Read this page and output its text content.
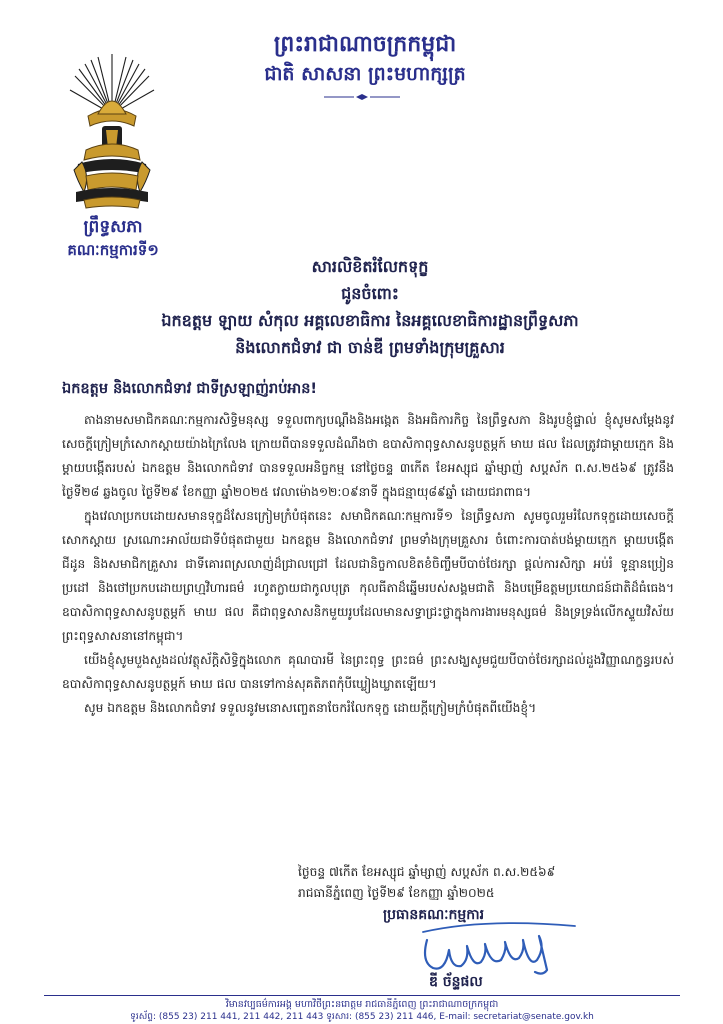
ព្រះរាជាណាចក្រកម្ពុជា
ជាតិ សាសនា ព្រះមហាក្សត្រ
ព្រឹទ្ធសភា
គណៈកម្មការទី១
សារលិខិតរំលែកទុក្ខ
ជូនចំពោះ
ឯកឧត្ដម ឡាយ សំកុល អគ្គលេខាធិការ នៃអគ្គលេខាធិការដ្ឋានព្រឹទ្ធសភា
និងលោកជំទាវ ជា ចាន់ឌី ព្រមទាំងក្រុមគ្រួសារ
ឯកឧត្ដម និងលោកជំទាវ ជាទីស្រឡាញ់រាប់អាន!

តាងនាមសមាជិកគណៈកម្មការសិទ្ធិមនុស្ស ទទួលពាក្យបណ្ដឹងនិងអង្កេត និងអធិការកិច្ច នៃព្រឹទ្ធសភា និងរូបខ្ញុំផ្ទាល់ ខ្ញុំសូមសម្ដែងនូវសេចក្ដីក្រៀមក្រំសោកស្ដាយយ៉ាងក្រៃលែង ក្រោយពីបានទទួលដំណឹងថា ឧបាសិកាពុទ្ធសាសនូបត្ថម្ភក៍ មាឃ ផល ដែលត្រូវជាម្ដាយក្មេក និងម្ដាយបង្កើតរបស់ ឯកឧត្ដម និងលោកជំទាវ បានទទួលអនិច្ចកម្ម នៅថ្ងៃចន្ទ ៣កើត ខែអស្សុជ ឆ្នាំម្សាញ់ សប្ដស័ក ព.ស.២៥៦៩ ត្រូវនឹងថ្ងៃទី២៨ ឆ្លងចូល ថ្ងៃទី២៩ ខែកញ្ញា ឆ្នាំ២០២៥ វេលាម៉ោង១២:០៩នាទី ក្នុងជន្មាយុ៨៩ឆ្នាំ ដោយជរាពាធ។

ក្នុងវេលាប្រកបដោយសមានទុក្ខដ៏សែនក្រៀមក្រំបំផុតនេះ សមាជិកគណៈកម្មការទី១ នៃព្រឹទ្ធសភា សូមចូលរួមរំលែកទុក្ខដោយសេចក្ដីសោកស្ដាយ ស្រណោះអាល័យជាទីបំផុតជាមួយ ឯកឧត្ដម និងលោកជំទាវ ព្រមទាំងក្រុមគ្រួសារ ចំពោះការបាត់បង់ម្ដាយក្មេក ម្ដាយបង្កើត ជីដូន និងសមាជិកគ្រួសារ ជាទីគោរពស្រលាញ់ដ៏ជ្រាលជ្រៅ ដែលជានិច្ចកាលខិតខំចិញ្ចឹមបីបាច់ថែរក្សា ផ្ដល់ការសិក្សា អប់រំ ទូន្មានប្រៀនប្រដៅ និងថៅប្រកបដោយព្រហ្មវិហារធម៌ រហូតក្លាយជាកូលបុត្រ កុលធីតាដ៏ឆ្នើមរបស់សង្គមជាតិ និងបម្រើឧត្ដមប្រយោជន៍ជាតិដ៏ធំធេង។ ឧបាសិកាពុទ្ធសាសនូបត្ថម្ភក៍ មាឃ ផល គឺជាពុទ្ធសាសនិកមួយរូបដែលមានសទ្ធាជ្រះថ្លាក្នុងការងារមនុស្សធម៌ និងទ្រទ្រង់លើកស្ទួយវិស័យព្រះពុទ្ធសាសនានៅកម្ពុជា។

យើងខ្ញុំសូមបួងសួងដល់វត្ថុស័ក្ដិសិទ្ធិក្នុងលោក គុណបារមី នៃព្រះពុទ្ធ ព្រះធម៌ ព្រះសង្ឃសូមជួយបីបាច់ថែរក្សាដល់ដួងវិញ្ញាណក្ខន្ធរបស់ ឧបាសិកាពុទ្ធសាសនូបត្ថម្ភក៍ មាឃ ផល បានទៅកាន់សុគតិភពកុំបីឃ្លៀងឃ្លាតឡើយ។

សូម ឯកឧត្ដម និងលោកជំទាវ ទទួលនូវមនោសញ្ចេតនាចែករំលែកទុក្ខ ដោយក្ដីក្រៀមក្រំបំផុតពីយើងខ្ញុំ។

ថ្ងៃចន្ទ ៧កើត ខែអស្សុជ ឆ្នាំម្សាញ់ សប្ដស័ក ព.ស.២៥៦៩
រាជធានីភ្នំពេញ ថ្ងៃទី២៩ ខែកញ្ញា ឆ្នាំ២០២៥
ប្រធានគណៈកម្មការ
ឌី ច័ន្ទផល
វិមានវប្បធម៌ការអង្គ មហាវិថីព្រះនរោត្ដម រាជធានីភ្នំពេញ ព្រះរាជាណាចក្រកម្ពុជា
ទូរស័ព្ទ: (855 23) 211 441, 211 442, 211 443 ទូរសារ: (855 23) 211 446, E-mail: secretariat@senate.gov.kh
